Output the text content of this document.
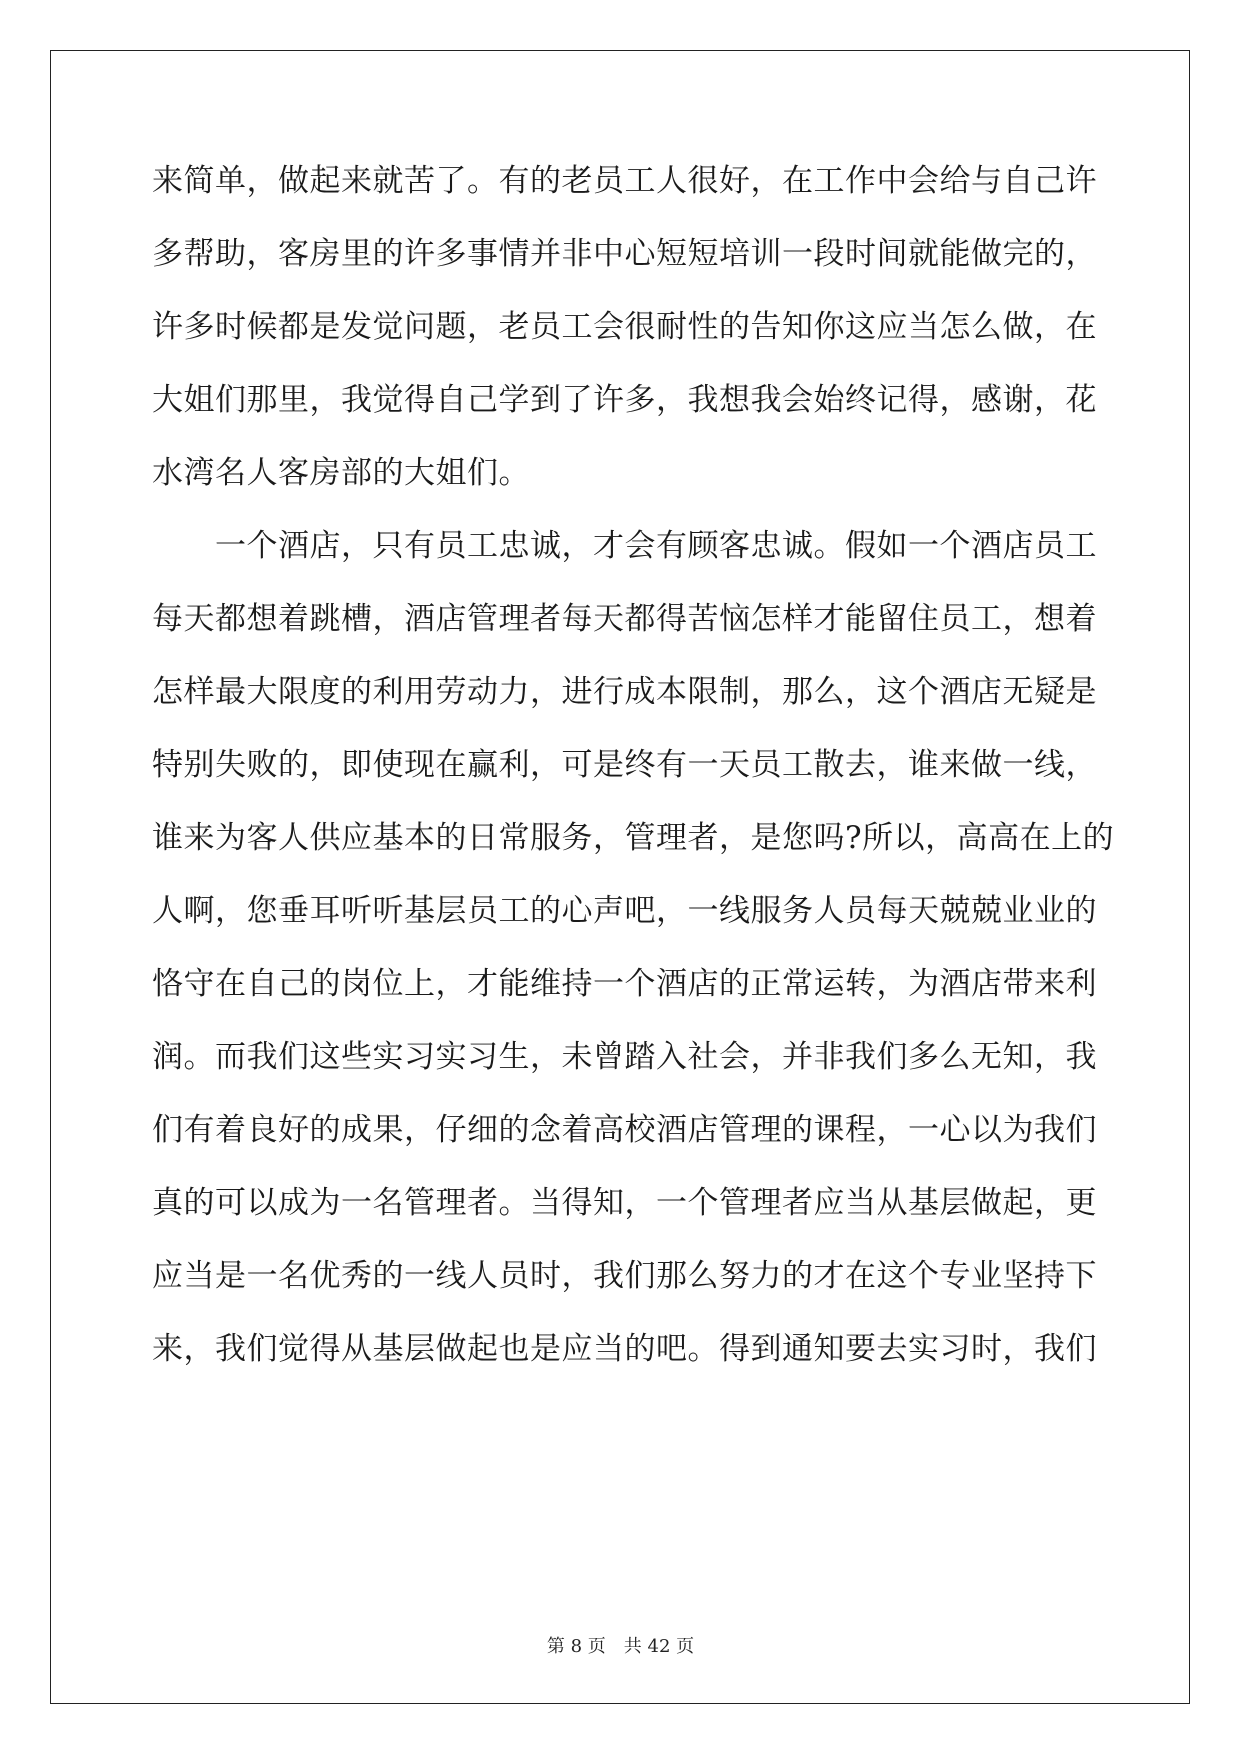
来 简 单 ， 做 起 来 就 苦 了 。 有 的 老 员 工 人 很 好 ， 在 工 作 中 会 给 与 自 己 许
多 帮 助 ， 客 房 里 的 许 多 事 情 并 非 中 心 短 短 培 训 一 段 时 间 就 能 做 完 的 ，
许 多 时 候 都 是 发 觉 问 题 ， 老 员 工 会 很 耐 性 的 告 知 你 这 应 当 怎 么 做 ， 在
大 姐 们 那 里 ， 我 觉 得 自 己 学 到 了 许 多 ， 我 想 我 会 始 终 记 得 ， 感 谢 ， 花
水湾名人客房部的大姐们。

一 个 酒 店 ， 只 有 员 工 忠 诚 ， 才 会 有 顾 客 忠 诚 。 假 如 一 个 酒 店 员 工
每 天 都 想 着 跳 槽 ， 酒 店 管 理 者 每 天 都 得 苦 恼 怎 样 才 能 留 住 员 工 ， 想 着
怎 样 最 大 限 度 的 利 用 劳 动 力 ， 进 行 成 本 限 制 ， 那 么 ， 这 个 酒 店 无 疑 是
特 别 失 败 的 ， 即 使 现 在 赢 利 ， 可 是 终 有 一 天 员 工 散 去 ， 谁 来 做 一 线 ，
谁 来 为 客 人 供 应 基 本 的 日 常 服 务 ， 管 理 者 ， 是 您 吗 ? 所 以 ， 高 高 在 上 的
人 啊 ， 您 垂 耳 听 听 基 层 员 工 的 心 声 吧 ， 一 线 服 务 人 员 每 天 兢 兢 业 业 的
恪 守 在 自 己 的 岗 位 上 ， 才 能 维 持 一 个 酒 店 的 正 常 运 转 ， 为 酒 店 带 来 利
润 。 而 我 们 这 些 实 习 实 习 生 ， 未 曾 踏 入 社 会 ， 并 非 我 们 多 么 无 知 ， 我
们 有 着 良 好 的 成 果 ， 仔 细 的 念 着 高 校 酒 店 管 理 的 课 程 ， 一 心 以 为 我 们
真 的 可 以 成 为 一 名 管 理 者 。 当 得 知 ， 一 个 管 理 者 应 当 从 基 层 做 起 ， 更
应 当 是 一 名 优 秀 的 一 线 人 员 时 ， 我 们 那 么 努 力 的 才 在 这 个 专 业 坚 持 下
来 ， 我 们 觉 得 从 基 层 做 起 也 是 应 当 的 吧 。 得 到 通 知 要 去 实 习 时 ， 我 们
第 8 页　共 42 页
